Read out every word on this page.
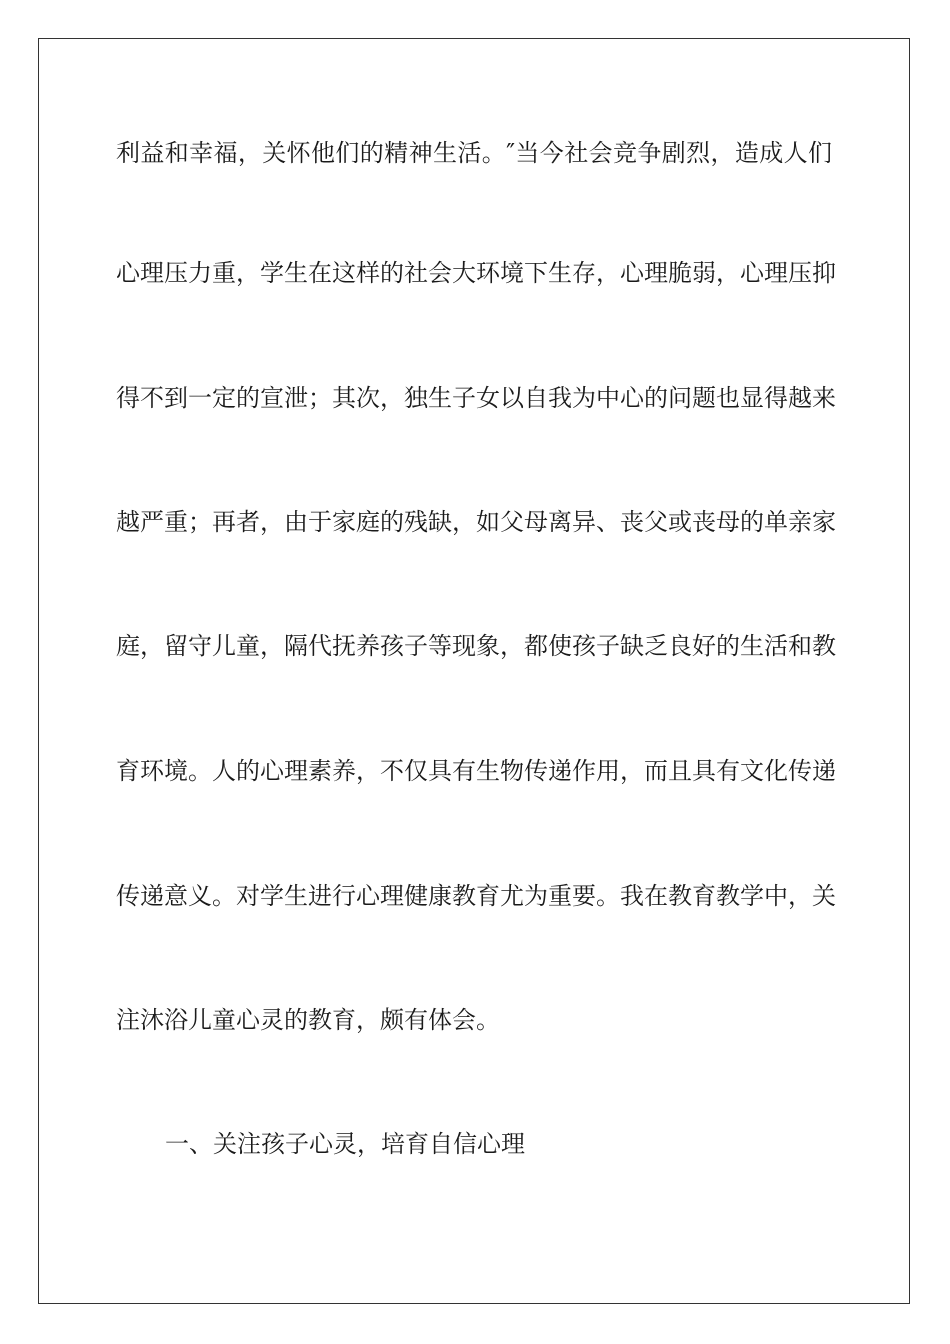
利益和幸福，关怀他们的精神生活。″当今社会竞争剧烈，造成人们
心理压力重，学生在这样的社会大环境下生存，心理脆弱，心理压抑
得不到一定的宣泄；其次，独生子女以自我为中心的问题也显得越来
越严重；再者，由于家庭的残缺，如父母离异、丧父或丧母的单亲家
庭，留守儿童，隔代抚养孩子等现象，都使孩子缺乏良好的生活和教
育环境。人的心理素养，不仅具有生物传递作用，而且具有文化传递
传递意义。对学生进行心理健康教育尤为重要。我在教育教学中，关
注沐浴儿童心灵的教育，颇有体会。
一、关注孩子心灵，培育自信心理
